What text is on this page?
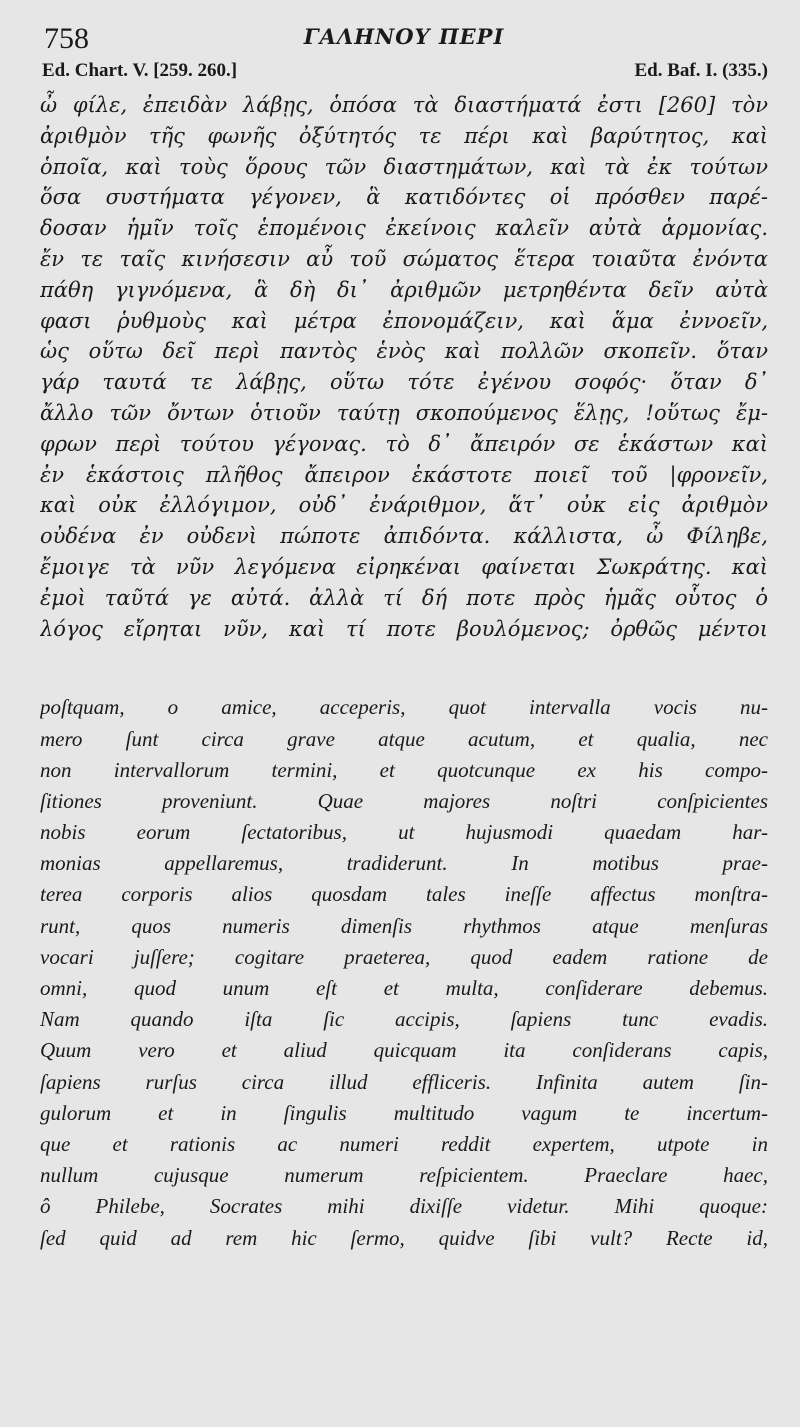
758	ΓΑΛΗΝΟΥ ΠΕΡΙ
Ed. Chart. V. [259. 260.]	Ed. Baf. I. (335.)
ὦ φίλε, ἐπειδὰν λάβῃς, ὁπόσα τὰ διαστήματά ἐστι [260] τὸν
ἀριθμὸν τῆς φωνῆς ὀξύτητός τε πέρι καὶ βαρύτητος, καὶ
ὁποῖα, καὶ τοὺς ὅρους τῶν διαστημάτων, καὶ τὰ ἐκ τούτων
ὅσα συστήματα γέγονεν, ἃ κατιδόντες οἱ πρόσθεν παρέ-
δοσαν ἡμῖν τοῖς ἑπομένοις ἐκείνοις καλεῖν αὐτὰ ἁρμονίας.
ἔν τε ταῖς κινήσεσιν αὖ τοῦ σώματος ἕτερα τοιαῦτα ἐνόντα
πάθη γιγνόμενα, ἃ δὴ δι᾽ ἀριθμῶν μετρηθέντα δεῖν αὐτὰ
φασι ῥυθμοὺς καὶ μέτρα ἐπονομάζειν, καὶ ἅμα ἐννοεῖν,
ὡς οὕτω δεῖ περὶ παντὸς ἑνὸς καὶ πολλῶν σκοπεῖν. ὅταν
γάρ ταυτά τε λάβῃς, οὕτω τότε ἐγένου σοφός· ὅταν δ᾽
ἄλλο τῶν ὄντων ὁτιοῦν ταύτῃ σκοπούμενος ἕλῃς, !οὕτως ἔμ-
φρων περὶ τούτου γέγονας. τὸ δ᾽ ἄπειρόν σε ἑκάστων καὶ
ἐν ἑκάστοις πλῆθος ἄπειρον ἑκάστοτε ποιεῖ τοῦ |φρονεῖν,
καὶ οὐκ ἐλλόγιμον, οὐδ᾽ ἐνάριθμον, ἅτ᾽ οὐκ εἰς ἀριθμὸν
οὐδένα ἐν οὐδενὶ πώποτε ἀπιδόντα. κάλλιστα, ὦ Φίληβε,
ἔμοιγε τὰ νῦν λεγόμενα εἰρηκέναι φαίνεται Σωκράτης. καὶ
ἐμοὶ ταῦτά γε αὐτά. ἀλλὰ τί δή ποτε πρὸς ἡμᾶς οὗτος ὁ
λόγος εἴρηται νῦν, καὶ τί ποτε βουλόμενος; ὀρθῶς μέντοι
poſtquam, o amice, acceperis, quot intervalla vocis nu-
mero ſunt circa grave atque acutum, et qualia, nec
non intervallorum termini, et quotcunque ex his compo-
ſitiones proveniunt. Quae majores noſtri conſpicientes
nobis eorum ſectatoribus, ut hujusmodi quaedam har-
monias appellaremus, tradiderunt. In motibus prae-
terea corporis alios quosdam tales ineſſe affectus monſtra-
runt, quos numeris dimenſis rhythmos atque menſuras
vocari juſſere; cogitare praeterea, quod eadem ratione de
omni, quod unum eſt et multa, conſiderare debemus.
Nam quando iſta ſic accipis, ſapiens tunc evadis.
Quum vero et aliud quicquam ita conſiderans capis,
ſapiens rurſus circa illud effliceris. Infinita autem ſin-
gulorum et in ſingulis multitudo vagum te incertum-
que et rationis ac numeri reddit expertem, utpote in
nullum cujusque numerum reſpicientem. Praeclare haec,
ô Philebe, Socrates mihi dixiſſe videtur. Mihi quoque:
ſed quid ad rem hic ſermo, quidve ſibi vult? Recte id,
